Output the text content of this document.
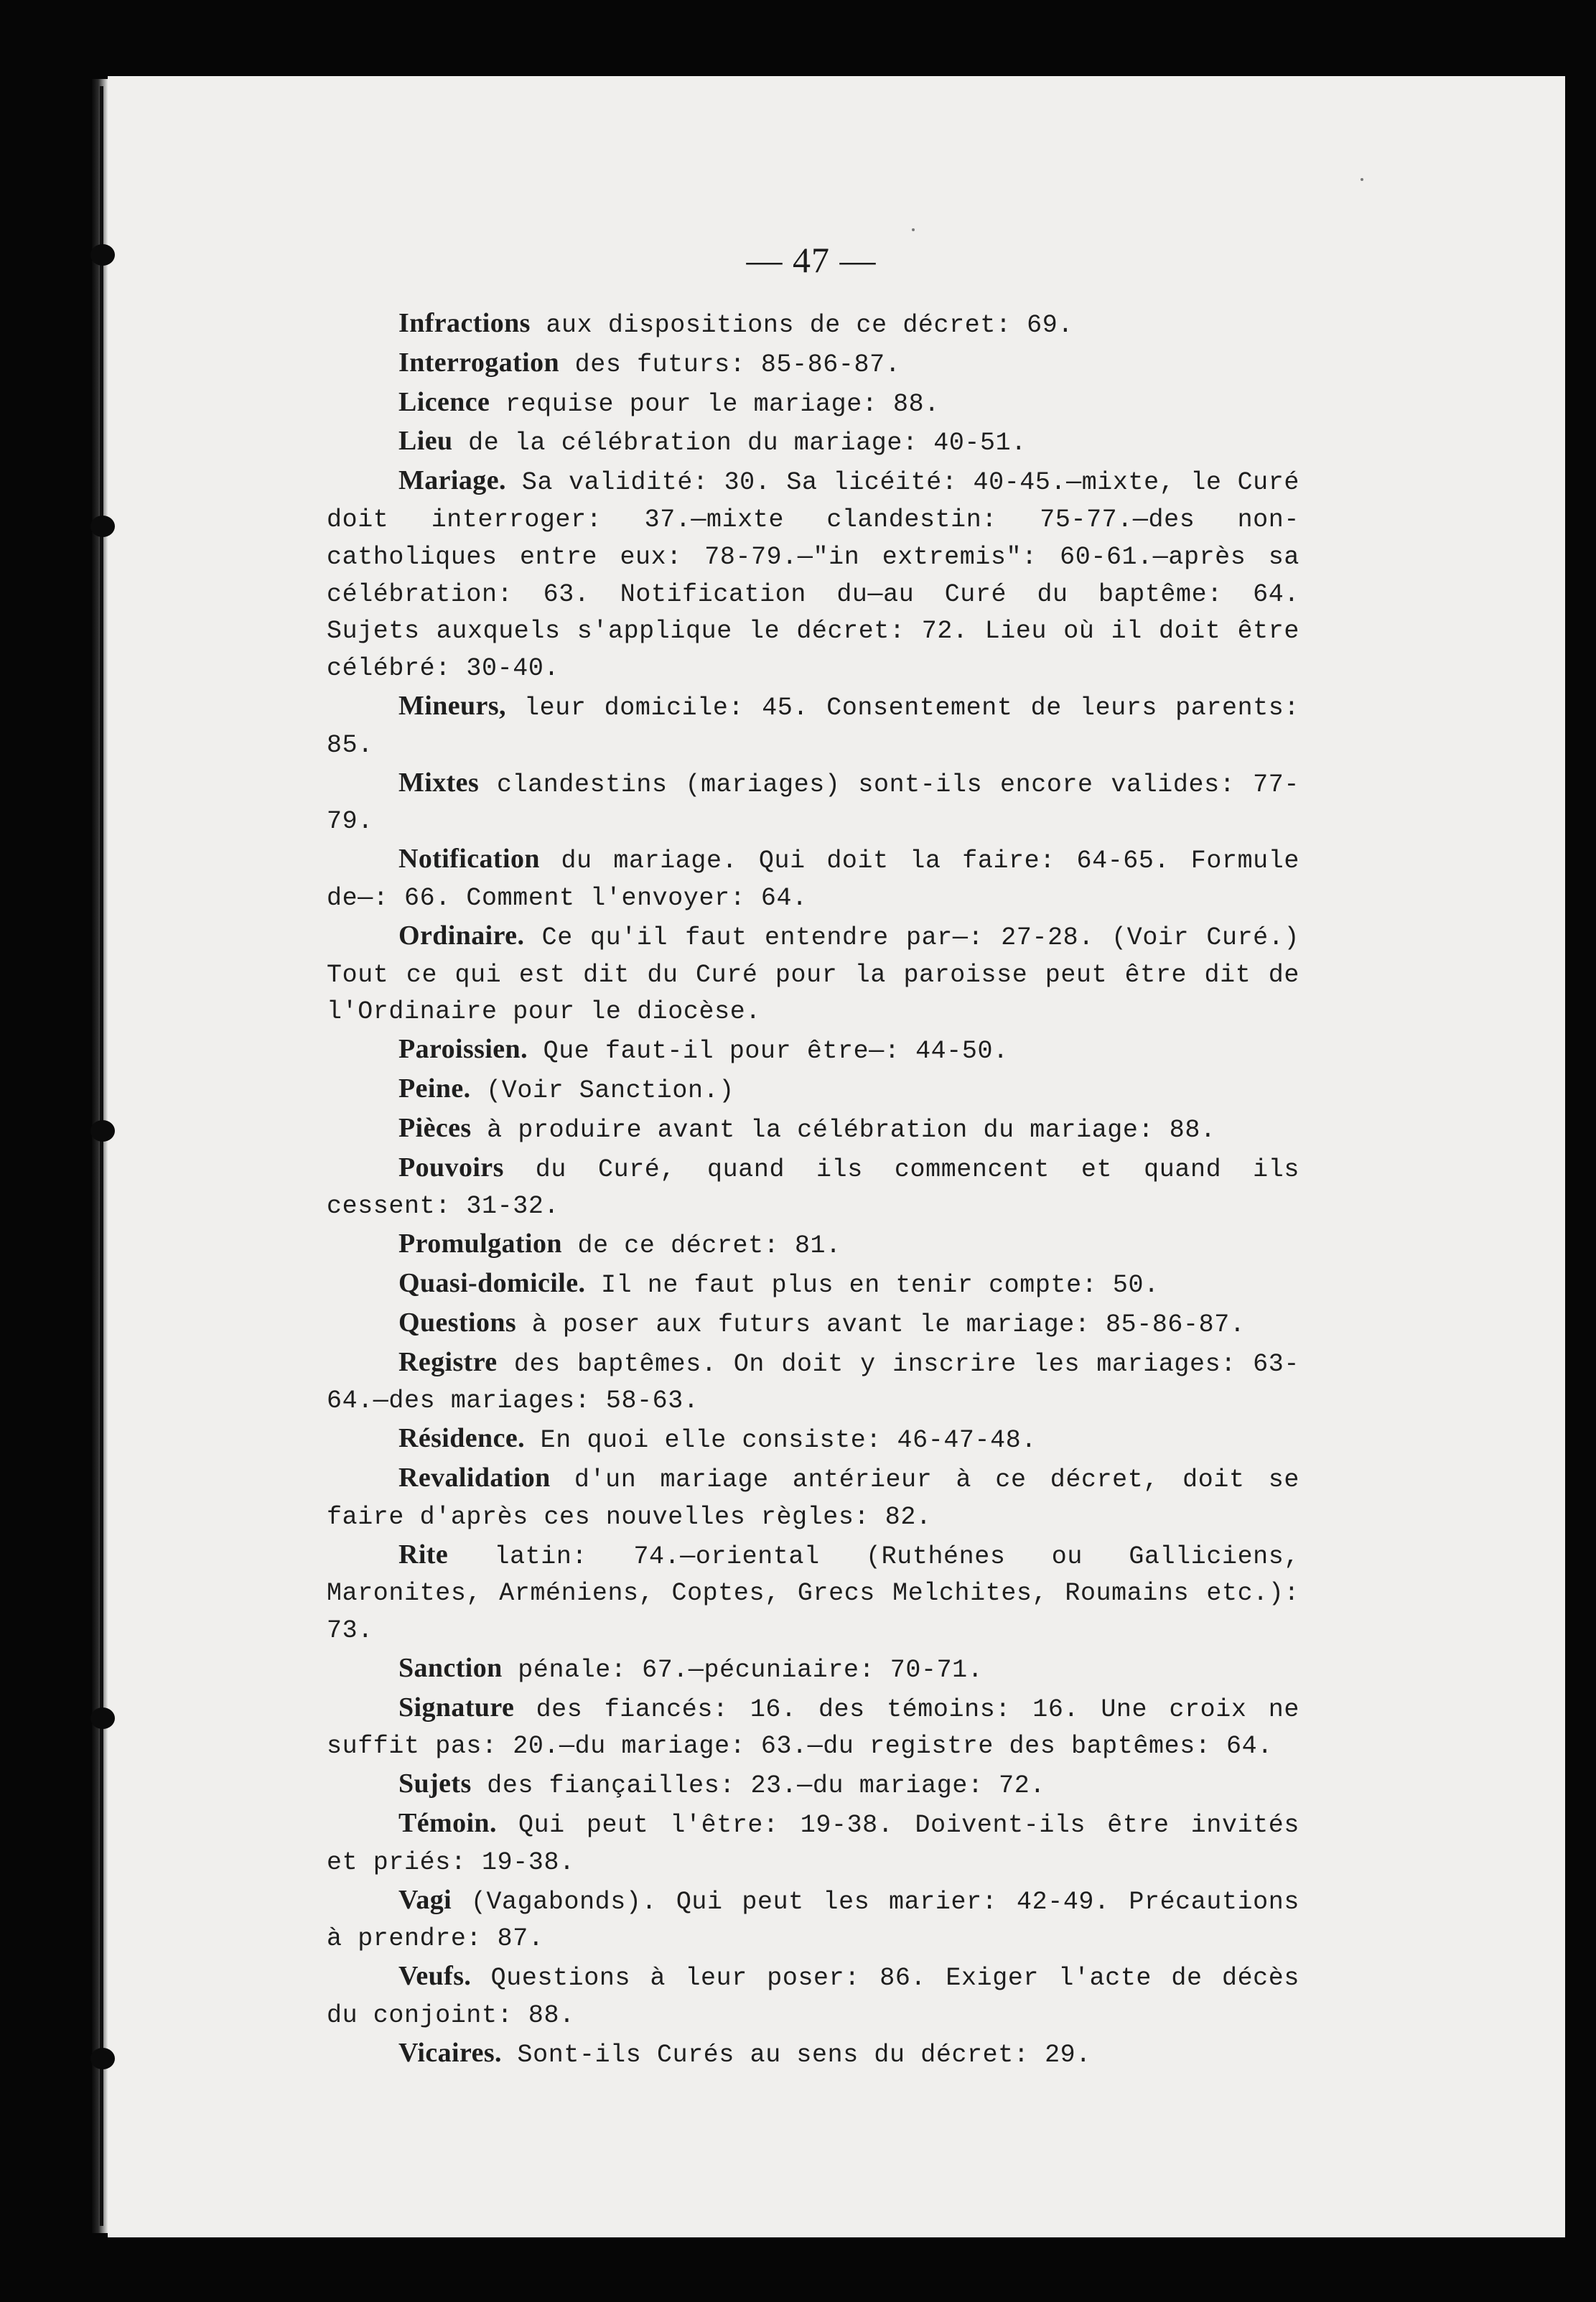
— 47 —

Infractions aux dispositions de ce décret: 69.

Interrogation des futurs: 85-86-87.

Licence requise pour le mariage: 88.

Lieu de la célébration du mariage: 40-51.

Mariage. Sa validité: 30. Sa licéité: 40-45.—mixte, le Curé doit interroger: 37.—mixte clandestin: 75-77.—des non-catholiques entre eux: 78-79.—"in extremis": 60-61.—après sa célébration: 63. Notification du—au Curé du baptême: 64. Sujets auxquels s'applique le décret: 72. Lieu où il doit être célébré: 30-40.

Mineurs, leur domicile: 45. Consentement de leurs parents: 85.

Mixtes clandestins (mariages) sont-ils encore valides: 77-79.

Notification du mariage. Qui doit la faire: 64-65. Formule de—: 66. Comment l'envoyer: 64.

Ordinaire. Ce qu'il faut entendre par—: 27-28. (Voir Curé.) Tout ce qui est dit du Curé pour la paroisse peut être dit de l'Ordinaire pour le diocèse.

Paroissien. Que faut-il pour être—: 44-50.

Peine. (Voir Sanction.)

Pièces à produire avant la célébration du mariage: 88.

Pouvoirs du Curé, quand ils commencent et quand ils cessent: 31-32.

Promulgation de ce décret: 81.

Quasi-domicile. Il ne faut plus en tenir compte: 50.

Questions à poser aux futurs avant le mariage: 85-86-87.

Registre des baptêmes. On doit y inscrire les mariages: 63-64.—des mariages: 58-63.

Résidence. En quoi elle consiste: 46-47-48.

Revalidation d'un mariage antérieur à ce décret, doit se faire d'après ces nouvelles règles: 82.

Rite latin: 74.—oriental (Ruthénes ou Galliciens, Maronites, Arméniens, Coptes, Grecs Melchites, Roumains etc.): 73.

Sanction pénale: 67.—pécuniaire: 70-71.

Signature des fiancés: 16. des témoins: 16. Une croix ne suffit pas: 20.—du mariage: 63.—du registre des baptêmes: 64.

Sujets des fiançailles: 23.—du mariage: 72.

Témoin. Qui peut l'être: 19-38. Doivent-ils être invités et priés: 19-38.

Vagi (Vagabonds). Qui peut les marier: 42-49. Précautions à prendre: 87.

Veufs. Questions à leur poser: 86. Exiger l'acte de décès du conjoint: 88.

Vicaires. Sont-ils Curés au sens du décret: 29.
